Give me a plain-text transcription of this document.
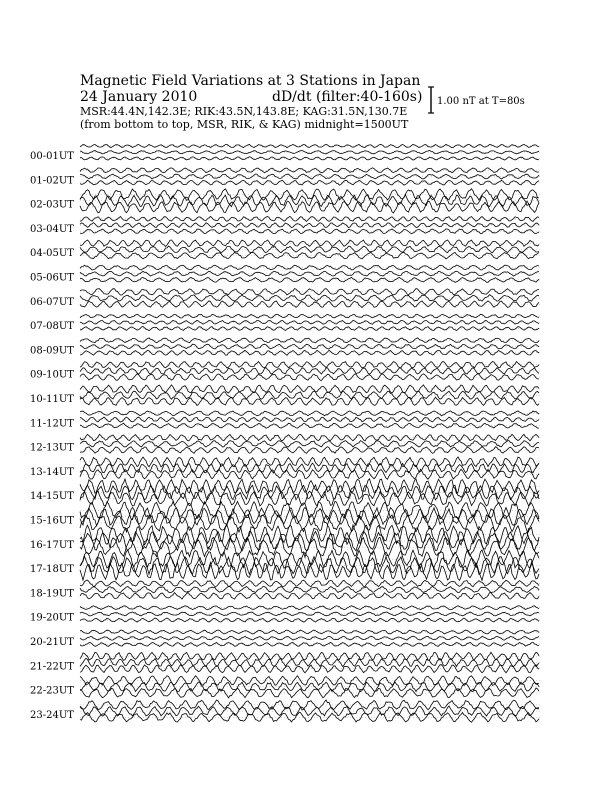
Magnetic Field Variations at 3 Stations in Japan
24 January 2010	dD/dt (filter:40-160s)
MSR:44.4N,142.3E; RIK:43.5N,143.8E; KAG:31.5N,130.7E
(from bottom to top, MSR, RIK, & KAG) midnight=1500UT
1.00 nT at T=80s
00-01UT
01-02UT
02-03UT
03-04UT
04-05UT
05-06UT
06-07UT
07-08UT
08-09UT
09-10UT
10-11UT
11-12UT
12-13UT
13-14UT
14-15UT
15-16UT
16-17UT
17-18UT
18-19UT
19-20UT
20-21UT
21-22UT
22-23UT
23-24UT
